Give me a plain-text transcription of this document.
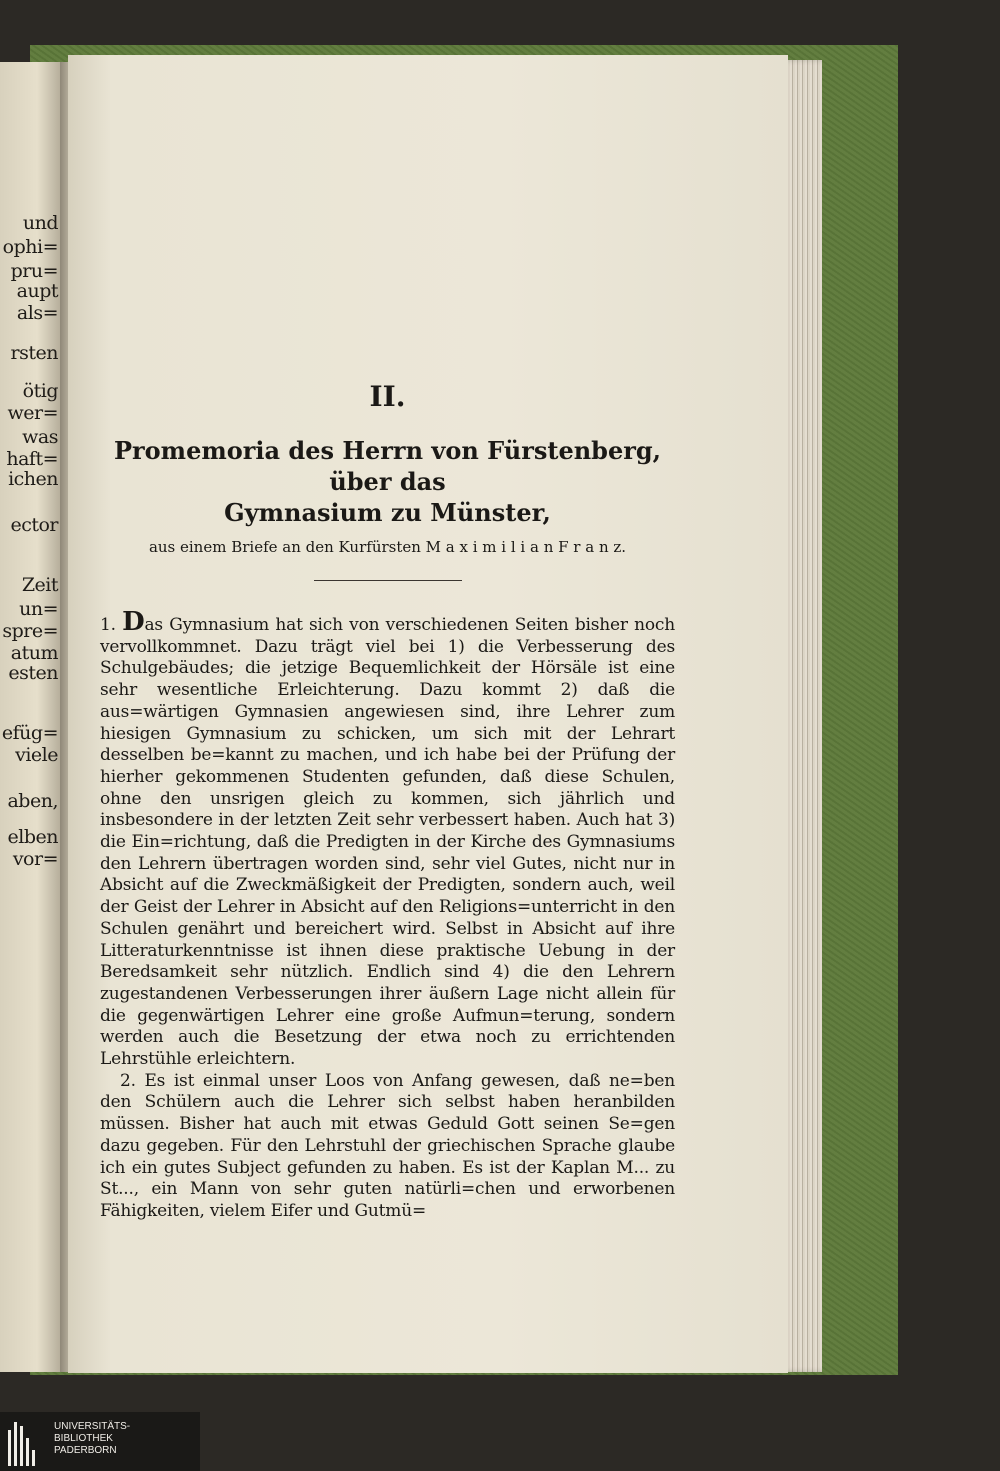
und

ophi=

pru=

aupt

als=

rsten

ötig

wer=

was

haft=

ichen

ector

Zeit

un=

spre=

atum

esten

efüg=

viele

aben,

elben

vor=

II.

Promemoria des Herrn von Fürstenberg, über das

Gymnasium zu Münster,

aus einem Briefe an den Kurfürsten M a x i m i l i a n F r a n z.

1. Das Gymnasium hat sich von verschiedenen Seiten bisher noch vervollkommnet. Dazu trägt viel bei 1) die Verbesserung des Schulgebäudes; die jetzige Bequemlichkeit der Hörsäle ist eine sehr wesentliche Erleichterung. Dazu kommt 2) daß die aus=wärtigen Gymnasien angewiesen sind, ihre Lehrer zum hiesigen Gymnasium zu schicken, um sich mit der Lehrart desselben be=kannt zu machen, und ich habe bei der Prüfung der hierher gekommenen Studenten gefunden, daß diese Schulen, ohne den unsrigen gleich zu kommen, sich jährlich und insbesondere in der letzten Zeit sehr verbessert haben. Auch hat 3) die Ein=richtung, daß die Predigten in der Kirche des Gymnasiums den Lehrern übertragen worden sind, sehr viel Gutes, nicht nur in Absicht auf die Zweckmäßigkeit der Predigten, sondern auch, weil der Geist der Lehrer in Absicht auf den Religions=unterricht in den Schulen genährt und bereichert wird. Selbst in Absicht auf ihre Litteraturkenntnisse ist ihnen diese praktische Uebung in der Beredsamkeit sehr nützlich. Endlich sind 4) die den Lehrern zugestandenen Verbesserungen ihrer äußern Lage nicht allein für die gegenwärtigen Lehrer eine große Aufmun=terung, sondern werden auch die Besetzung der etwa noch zu errichtenden Lehrstühle erleichtern.

2. Es ist einmal unser Loos von Anfang gewesen, daß ne=ben den Schülern auch die Lehrer sich selbst haben heranbilden müssen. Bisher hat auch mit etwas Geduld Gott seinen Se=gen dazu gegeben. Für den Lehrstuhl der griechischen Sprache glaube ich ein gutes Subject gefunden zu haben. Es ist der Kaplan M... zu St..., ein Mann von sehr guten natürli=chen und erworbenen Fähigkeiten, vielem Eifer und Gutmü=

UNIVERSITÄTS-
BIBLIOTHEK
PADERBORN
